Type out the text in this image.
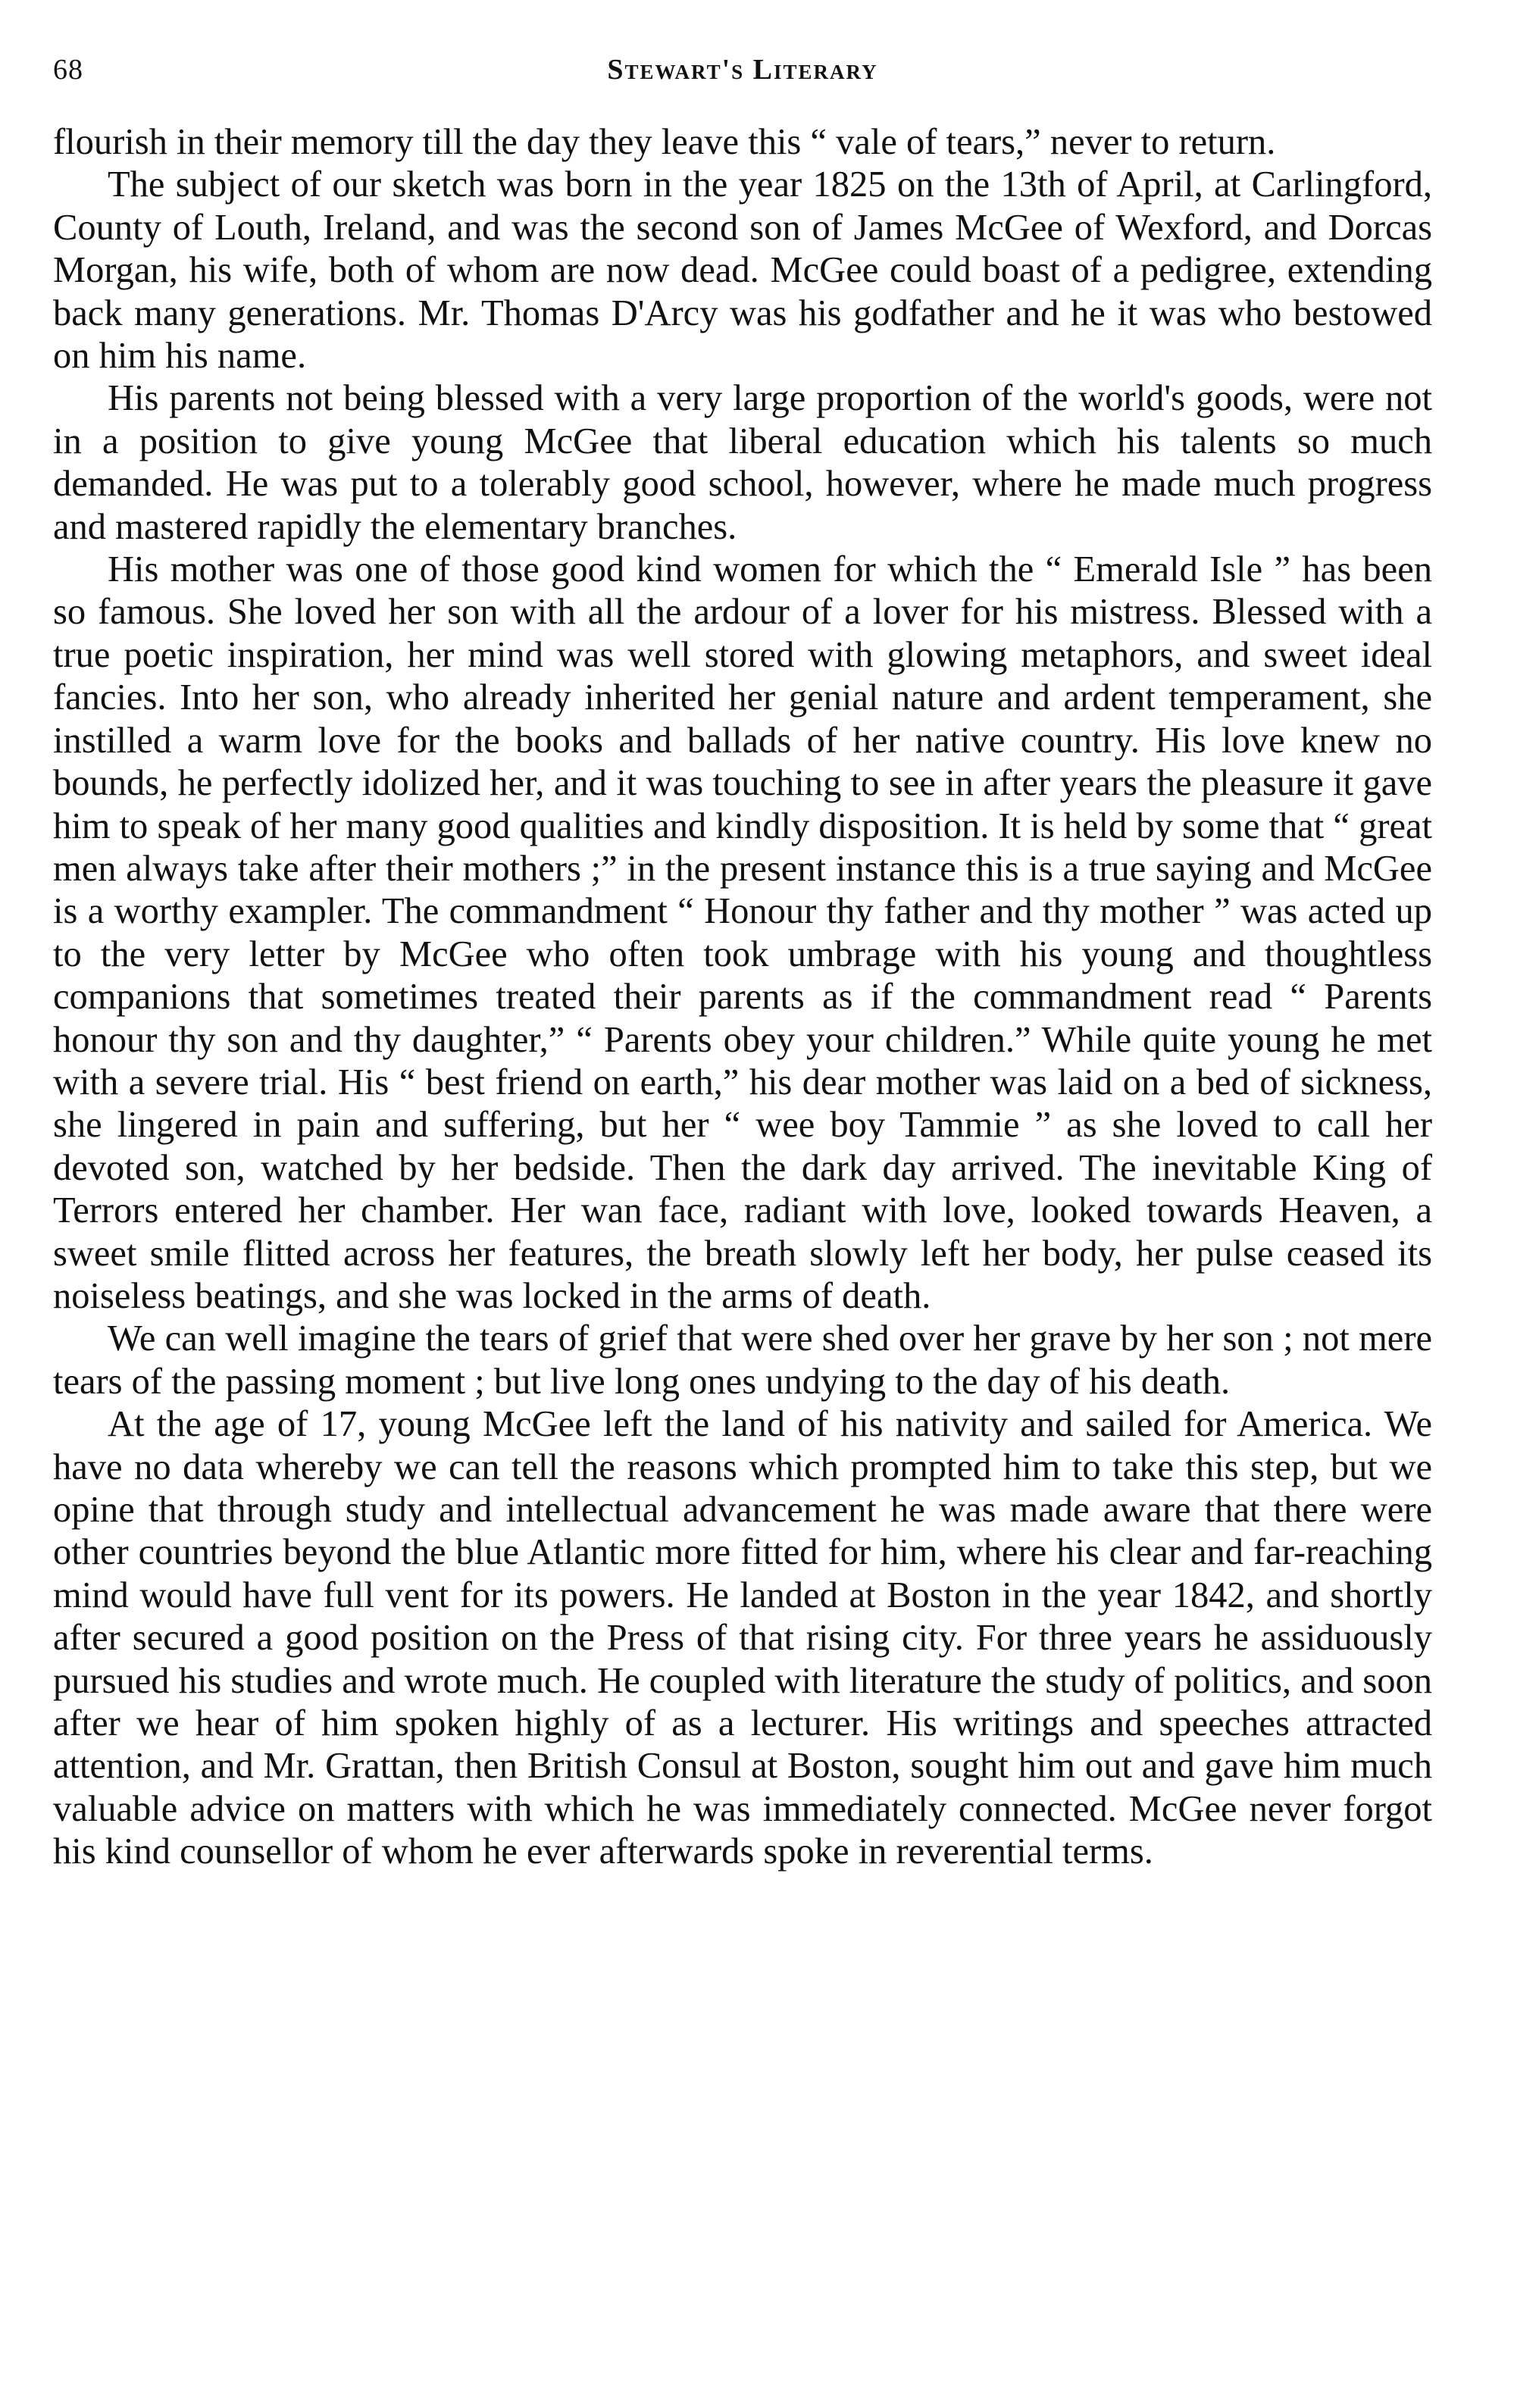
68	Stewart's Literary

flourish in their memory till the day they leave this “ vale of tears,” never to return.

The subject of our sketch was born in the year 1825 on the 13th of April, at Carlingford, County of Louth, Ireland, and was the second son of James McGee of Wexford, and Dorcas Morgan, his wife, both of whom are now dead. McGee could boast of a pedigree, extending back many generations. Mr. Thomas D'Arcy was his godfather and he it was who bestowed on him his name.

His parents not being blessed with a very large proportion of the world's goods, were not in a position to give young McGee that liberal education which his talents so much demanded. He was put to a tolerably good school, however, where he made much progress and mastered rapidly the elementary branches.

His mother was one of those good kind women for which the “ Emerald Isle ” has been so famous. She loved her son with all the ardour of a lover for his mistress. Blessed with a true poetic inspiration, her mind was well stored with glowing metaphors, and sweet ideal fancies. Into her son, who already inherited her genial nature and ardent temperament, she instilled a warm love for the books and ballads of her native country. His love knew no bounds, he perfectly idolized her, and it was touching to see in after years the pleasure it gave him to speak of her many good qualities and kindly disposition. It is held by some that “ great men always take after their mothers ;” in the present instance this is a true saying and McGee is a worthy exampler. The commandment “ Honour thy father and thy mother ” was acted up to the very letter by McGee who often took umbrage with his young and thoughtless companions that sometimes treated their parents as if the commandment read “ Parents honour thy son and thy daughter,” “ Parents obey your children.” While quite young he met with a severe trial. His “ best friend on earth,” his dear mother was laid on a bed of sickness, she lingered in pain and suffering, but her “ wee boy Tammie ” as she loved to call her devoted son, watched by her bedside. Then the dark day arrived. The inevitable King of Terrors entered her chamber. Her wan face, radiant with love, looked towards Heaven, a sweet smile flitted across her features, the breath slowly left her body, her pulse ceased its noiseless beatings, and she was locked in the arms of death.

We can well imagine the tears of grief that were shed over her grave by her son ; not mere tears of the passing moment ; but live long ones undying to the day of his death.

At the age of 17, young McGee left the land of his nativity and sailed for America. We have no data whereby we can tell the reasons which prompted him to take this step, but we opine that through study and intellectual advancement he was made aware that there were other countries beyond the blue Atlantic more fitted for him, where his clear and far-reaching mind would have full vent for its powers. He landed at Boston in the year 1842, and shortly after secured a good position on the Press of that rising city. For three years he assiduously pursued his studies and wrote much. He coupled with literature the study of politics, and soon after we hear of him spoken highly of as a lecturer. His writings and speeches attracted attention, and Mr. Grattan, then British Consul at Boston, sought him out and gave him much valuable advice on matters with which he was immediately connected. McGee never forgot his kind counsellor of whom he ever afterwards spoke in reverential terms.
